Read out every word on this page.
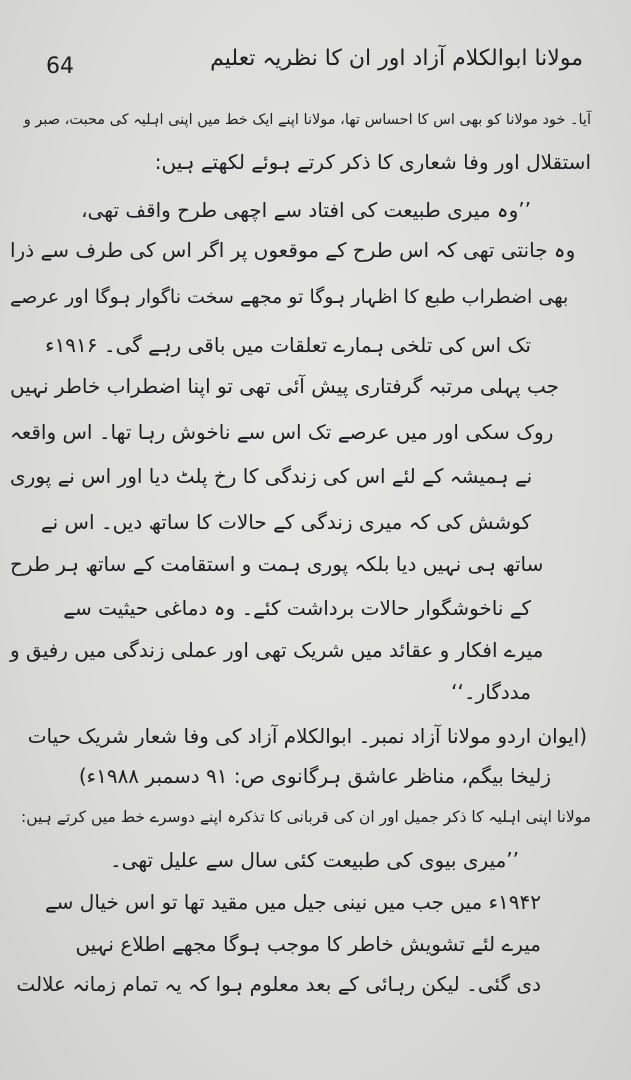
64	مولانا ابوالکلام آزاد اور ان کا نظریہ تعلیم
آیا۔ خود مولانا کو بھی اس کا احساس تھا، مولانا اپنے ایک خط میں اپنی اہلیہ کی محبت، صبر و
استقلال اور وفا شعاری کا ذکر کرتے ہوئے لکھتے ہیں:
’’وہ میری طبیعت کی افتاد سے اچھی طرح واقف تھی،
وہ جانتی تھی کہ اس طرح کے موقعوں پر اگر اس کی طرف سے ذرا
بھی اضطراب طبع کا اظہار ہوگا تو مجھے سخت ناگوار ہوگا اور عرصے
تک اس کی تلخی ہمارے تعلقات میں باقی رہے گی۔ ۱۹۱۶ء
جب پہلی مرتبہ گرفتاری پیش آئی تھی تو اپنا اضطراب خاطر نہیں
روک سکی اور میں عرصے تک اس سے ناخوش رہا تھا۔ اس واقعہ
نے ہمیشہ کے لئے اس کی زندگی کا رخ پلٹ دیا اور اس نے پوری
کوشش کی کہ میری زندگی کے حالات کا ساتھ دیں۔ اس نے
ساتھ ہی نہیں دیا بلکہ پوری ہمت و استقامت کے ساتھ ہر طرح
کے ناخوشگوار حالات برداشت کئے۔ وہ دماغی حیثیت سے
میرے افکار و عقائد میں شریک تھی اور عملی زندگی میں رفیق و
مددگار۔‘‘
(ایوان اردو مولانا آزاد نمبر۔ ابوالکلام آزاد کی وفا شعار شریک حیات
زلیخا بیگم، مناظر عاشق ہرگانوی ص: ۹۱ دسمبر ۱۹۸۸ء)
مولانا اپنی اہلیہ کا ذکر جمیل اور ان کی قربانی کا تذکرہ اپنے دوسرے خط میں کرتے ہیں:
’’میری بیوی کی طبیعت کئی سال سے علیل تھی۔
۱۹۴۲ء میں جب میں نینی جیل میں مقید تھا تو اس خیال سے
میرے لئے تشویش خاطر کا موجب ہوگا مجھے اطلاع نہیں
دی گئی۔ لیکن رہائی کے بعد معلوم ہوا کہ یہ تمام زمانہ علالت
